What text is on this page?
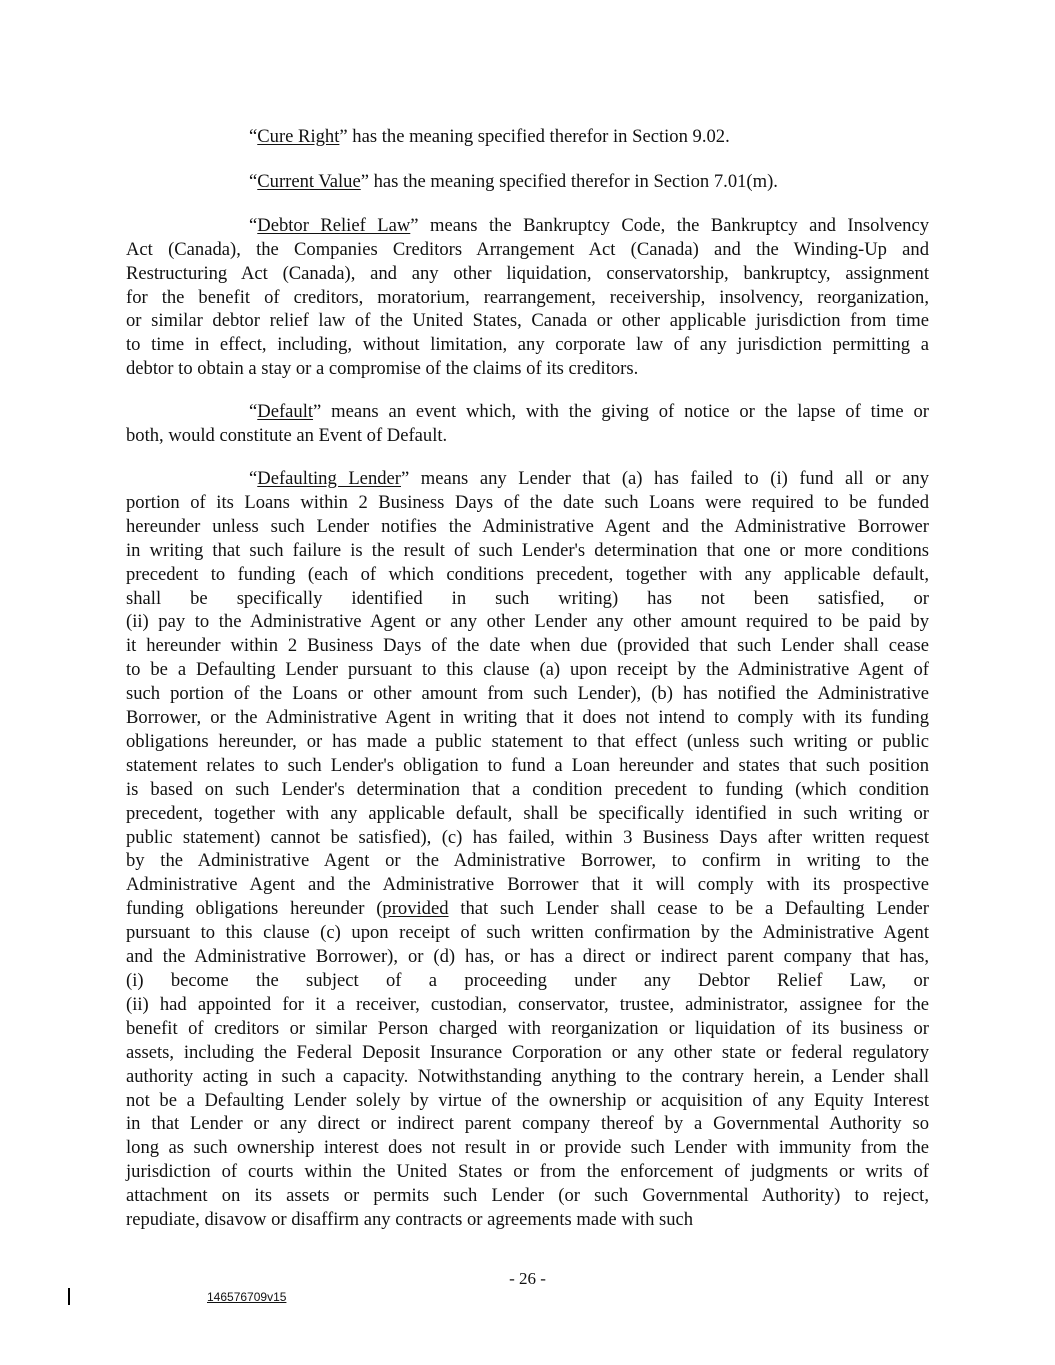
“Cure Right” has the meaning specified therefor in Section 9.02.
“Current Value” has the meaning specified therefor in Section 7.01(m).
“Debtor Relief Law” means the Bankruptcy Code, the Bankruptcy and Insolvency
Act (Canada), the Companies Creditors Arrangement Act (Canada) and the Winding-Up and
Restructuring Act (Canada), and any other liquidation, conservatorship, bankruptcy, assignment
for the benefit of creditors, moratorium, rearrangement, receivership, insolvency, reorganization,
or similar debtor relief law of the United States, Canada or other applicable jurisdiction from time
to time in effect, including, without limitation, any corporate law of any jurisdiction permitting a
debtor to obtain a stay or a compromise of the claims of its creditors.
“Default” means an event which, with the giving of notice or the lapse of time or
both, would constitute an Event of Default.
“Defaulting Lender” means any Lender that (a) has failed to (i) fund all or any
portion of its Loans within 2 Business Days of the date such Loans were required to be funded
hereunder unless such Lender notifies the Administrative Agent and the Administrative Borrower
in writing that such failure is the result of such Lender's determination that one or more conditions
precedent to funding (each of which conditions precedent, together with any applicable default,
shall be specifically identified in such writing) has not been satisfied, or
(ii) pay to the Administrative Agent or any other Lender any other amount required to be paid by
it hereunder within 2 Business Days of the date when due (provided that such Lender shall cease
to be a Defaulting Lender pursuant to this clause (a) upon receipt by the Administrative Agent of
such portion of the Loans or other amount from such Lender), (b) has notified the Administrative
Borrower, or the Administrative Agent in writing that it does not intend to comply with its funding
obligations hereunder, or has made a public statement to that effect (unless such writing or public
statement relates to such Lender's obligation to fund a Loan hereunder and states that such position
is based on such Lender's determination that a condition precedent to funding (which condition
precedent, together with any applicable default, shall be specifically identified in such writing or
public statement) cannot be satisfied), (c) has failed, within 3 Business Days after written request
by the Administrative Agent or the Administrative Borrower, to confirm in writing to the
Administrative Agent and the Administrative Borrower that it will comply with its prospective
funding obligations hereunder (provided that such Lender shall cease to be a Defaulting Lender
pursuant to this clause (c) upon receipt of such written confirmation by the Administrative Agent
and the Administrative Borrower), or (d) has, or has a direct or indirect parent company that has,
(i) become the subject of a proceeding under any Debtor Relief Law, or
(ii) had appointed for it a receiver, custodian, conservator, trustee, administrator, assignee for the
benefit of creditors or similar Person charged with reorganization or liquidation of its business or
assets, including the Federal Deposit Insurance Corporation or any other state or federal regulatory
authority acting in such a capacity. Notwithstanding anything to the contrary herein, a Lender shall
not be a Defaulting Lender solely by virtue of the ownership or acquisition of any Equity Interest
in that Lender or any direct or indirect parent company thereof by a Governmental Authority so
long as such ownership interest does not result in or provide such Lender with immunity from the
jurisdiction of courts within the United States or from the enforcement of judgments or writs of
attachment on its assets or permits such Lender (or such Governmental Authority) to reject,
repudiate, disavow or disaffirm any contracts or agreements made with such
- 26 -
146576709v15
